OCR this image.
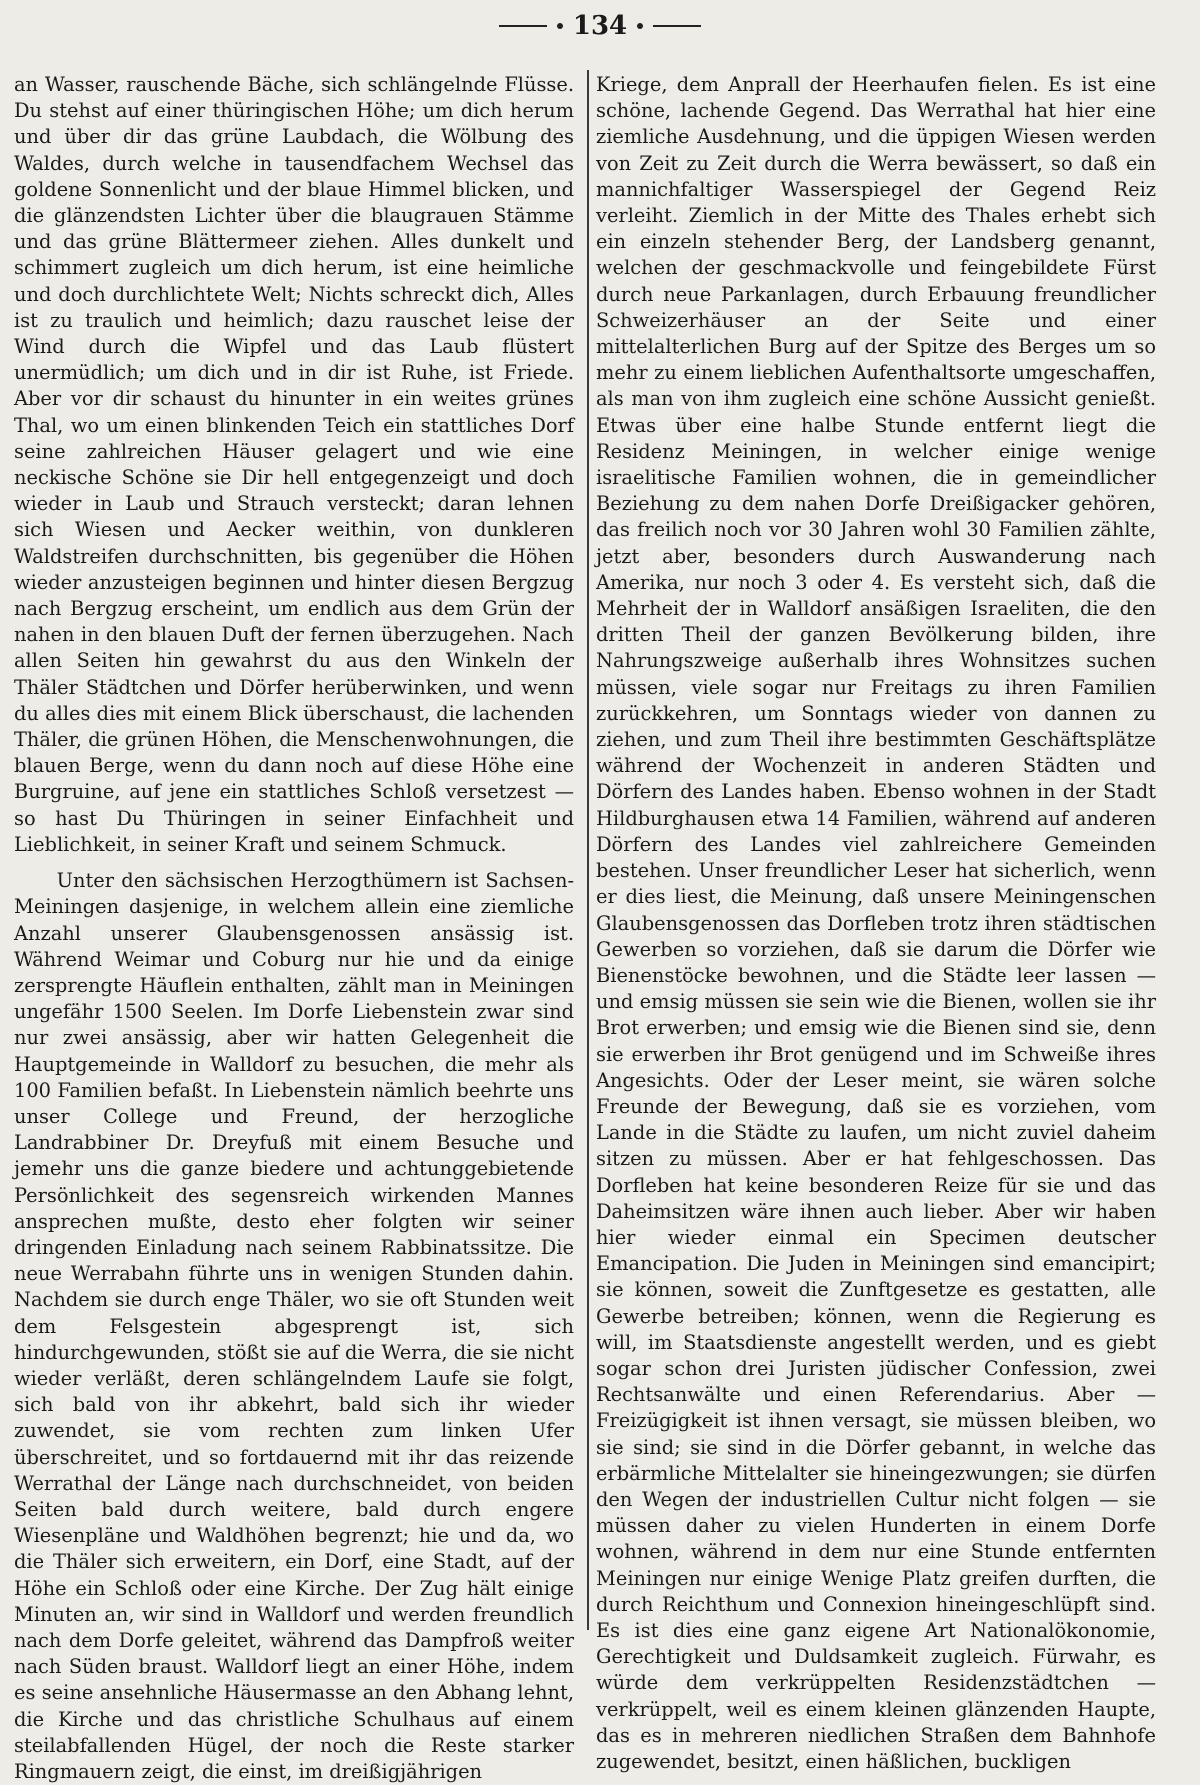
134

an Wasser, rauschende Bäche, sich schlängelnde Flüsse. Du stehst auf einer thüringischen Höhe; um dich herum und über dir das grüne Laubdach, die Wölbung des Waldes, durch welche in tausendfachem Wechsel das goldene Sonnenlicht und der blaue Himmel blicken, und die glänzendsten Lichter über die blaugrauen Stämme und das grüne Blättermeer ziehen. Alles dunkelt und schimmert zugleich um dich herum, ist eine heimliche und doch durchlichtete Welt; Nichts schreckt dich, Alles ist zu traulich und heimlich; dazu rauschet leise der Wind durch die Wipfel und das Laub flüstert unermüdlich; um dich und in dir ist Ruhe, ist Friede. Aber vor dir schaust du hinunter in ein weites grünes Thal, wo um einen blinkenden Teich ein stattliches Dorf seine zahlreichen Häuser gelagert und wie eine neckische Schöne sie Dir hell entgegenzeigt und doch wieder in Laub und Strauch versteckt; daran lehnen sich Wiesen und Aecker weithin, von dunkleren Waldstreifen durchschnitten, bis gegenüber die Höhen wieder anzusteigen beginnen und hinter diesen Bergzug nach Bergzug erscheint, um endlich aus dem Grün der nahen in den blauen Duft der fernen überzugehen. Nach allen Seiten hin gewahrst du aus den Winkeln der Thäler Städtchen und Dörfer herüberwinken, und wenn du alles dies mit einem Blick überschaust, die lachenden Thäler, die grünen Höhen, die Menschenwohnungen, die blauen Berge, wenn du dann noch auf diese Höhe eine Burgruine, auf jene ein stattliches Schloß versetzest — so hast Du Thüringen in seiner Einfachheit und Lieblichkeit, in seiner Kraft und seinem Schmuck.

Unter den sächsischen Herzogthümern ist Sachsen-Meiningen dasjenige, in welchem allein eine ziemliche Anzahl unserer Glaubensgenossen ansässig ist. Während Weimar und Coburg nur hie und da einige zersprengte Häuflein enthalten, zählt man in Meiningen ungefähr 1500 Seelen. Im Dorfe Liebenstein zwar sind nur zwei ansässig, aber wir hatten Gelegenheit die Hauptgemeinde in Walldorf zu besuchen, die mehr als 100 Familien befaßt. In Liebenstein nämlich beehrte uns unser College und Freund, der herzogliche Landrabbiner Dr. Dreyfuß mit einem Besuche und jemehr uns die ganze biedere und achtunggebietende Persönlichkeit des segensreich wirkenden Mannes ansprechen mußte, desto eher folgten wir seiner dringenden Einladung nach seinem Rabbinatssitze. Die neue Werrabahn führte uns in wenigen Stunden dahin. Nachdem sie durch enge Thäler, wo sie oft Stunden weit dem Felsgestein abgesprengt ist, sich hindurchgewunden, stößt sie auf die Werra, die sie nicht wieder verläßt, deren schlängelndem Laufe sie folgt, sich bald von ihr abkehrt, bald sich ihr wieder zuwendet, sie vom rechten zum linken Ufer überschreitet, und so fortdauernd mit ihr das reizende Werrathal der Länge nach durchschneidet, von beiden Seiten bald durch weitere, bald durch engere Wiesenpläne und Waldhöhen begrenzt; hie und da, wo die Thäler sich erweitern, ein Dorf, eine Stadt, auf der Höhe ein Schloß oder eine Kirche. Der Zug hält einige Minuten an, wir sind in Walldorf und werden freundlich nach dem Dorfe geleitet, während das Dampfroß weiter nach Süden braust. Walldorf liegt an einer Höhe, indem es seine ansehnliche Häusermasse an den Abhang lehnt, die Kirche und das christliche Schulhaus auf einem steilabfallenden Hügel, der noch die Reste starker Ringmauern zeigt, die einst, im dreißigjährigen

Kriege, dem Anprall der Heerhaufen fielen. Es ist eine schöne, lachende Gegend. Das Werrathal hat hier eine ziemliche Ausdehnung, und die üppigen Wiesen werden von Zeit zu Zeit durch die Werra bewässert, so daß ein mannichfaltiger Wasserspiegel der Gegend Reiz verleiht. Ziemlich in der Mitte des Thales erhebt sich ein einzeln stehender Berg, der Landsberg genannt, welchen der geschmackvolle und feingebildete Fürst durch neue Parkanlagen, durch Erbauung freundlicher Schweizerhäuser an der Seite und einer mittelalterlichen Burg auf der Spitze des Berges um so mehr zu einem lieblichen Aufenthaltsorte umgeschaffen, als man von ihm zugleich eine schöne Aussicht genießt. Etwas über eine halbe Stunde entfernt liegt die Residenz Meiningen, in welcher einige wenige israelitische Familien wohnen, die in gemeindlicher Beziehung zu dem nahen Dorfe Dreißigacker gehören, das freilich noch vor 30 Jahren wohl 30 Familien zählte, jetzt aber, besonders durch Auswanderung nach Amerika, nur noch 3 oder 4. Es versteht sich, daß die Mehrheit der in Walldorf ansäßigen Israeliten, die den dritten Theil der ganzen Bevölkerung bilden, ihre Nahrungszweige außerhalb ihres Wohnsitzes suchen müssen, viele sogar nur Freitags zu ihren Familien zurückkehren, um Sonntags wieder von dannen zu ziehen, und zum Theil ihre bestimmten Geschäftsplätze während der Wochenzeit in anderen Städten und Dörfern des Landes haben. Ebenso wohnen in der Stadt Hildburghausen etwa 14 Familien, während auf anderen Dörfern des Landes viel zahlreichere Gemeinden bestehen. Unser freundlicher Leser hat sicherlich, wenn er dies liest, die Meinung, daß unsere Meiningenschen Glaubensgenossen das Dorfleben trotz ihren städtischen Gewerben so vorziehen, daß sie darum die Dörfer wie Bienenstöcke bewohnen, und die Städte leer lassen — und emsig müssen sie sein wie die Bienen, wollen sie ihr Brot erwerben; und emsig wie die Bienen sind sie, denn sie erwerben ihr Brot genügend und im Schweiße ihres Angesichts. Oder der Leser meint, sie wären solche Freunde der Bewegung, daß sie es vorziehen, vom Lande in die Städte zu laufen, um nicht zuviel daheim sitzen zu müssen. Aber er hat fehlgeschossen. Das Dorfleben hat keine besonderen Reize für sie und das Daheimsitzen wäre ihnen auch lieber. Aber wir haben hier wieder einmal ein Specimen deutscher Emancipation. Die Juden in Meiningen sind emancipirt; sie können, soweit die Zunftgesetze es gestatten, alle Gewerbe betreiben; können, wenn die Regierung es will, im Staatsdienste angestellt werden, und es giebt sogar schon drei Juristen jüdischer Confession, zwei Rechtsanwälte und einen Referendarius. Aber — Freizügigkeit ist ihnen versagt, sie müssen bleiben, wo sie sind; sie sind in die Dörfer gebannt, in welche das erbärmliche Mittelalter sie hineingezwungen; sie dürfen den Wegen der industriellen Cultur nicht folgen — sie müssen daher zu vielen Hunderten in einem Dorfe wohnen, während in dem nur eine Stunde entfernten Meiningen nur einige Wenige Platz greifen durften, die durch Reichthum und Connexion hineingeschlüpft sind. Es ist dies eine ganz eigene Art Nationalökonomie, Gerechtigkeit und Duldsamkeit zugleich. Fürwahr, es würde dem verkrüppelten Residenzstädtchen — verkrüppelt, weil es einem kleinen glänzenden Haupte, das es in mehreren niedlichen Straßen dem Bahnhofe zugewendet, besitzt, einen häßlichen, buckligen
